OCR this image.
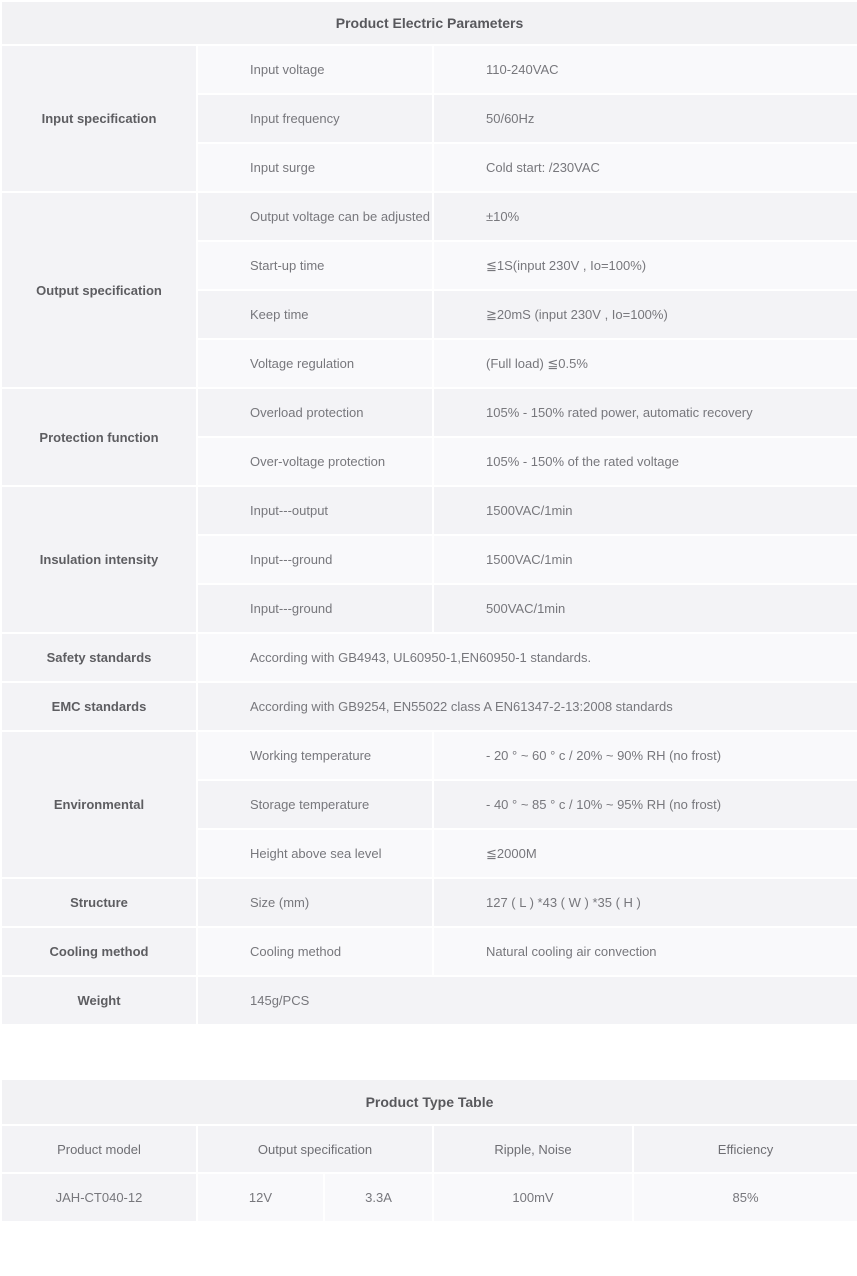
Product Electric Parameters		
Input specification	Input voltage	110-240VAC
	Input frequency	50/60Hz
	Input surge	Cold start: /230VAC
Output specification	Output voltage can be adjusted	±10%
	Start-up time	≦1S(input 230V , Io=100%)
	Keep time	≧20mS (input 230V , Io=100%)
	Voltage regulation	(Full load) ≦0.5%
Protection function	Overload protection	105% - 150% rated power, automatic recovery
	Over-voltage protection	105% - 150% of the rated voltage
Insulation intensity	Input---output	1500VAC/1min
	Input---ground	1500VAC/1min
	Input---ground	500VAC/1min
Safety standards	According with GB4943, UL60950-1,EN60950-1 standards.	
EMC standards	According with GB9254, EN55022 class A EN61347-2-13:2008 standards	
Environmental	Working temperature	- 20 ° ~ 60 ° c / 20% ~ 90% RH (no frost)
	Storage temperature	- 40 ° ~ 85 ° c / 10% ~ 95% RH (no frost)
	Height above sea level	≦2000M
Structure	Size (mm)	127 ( L ) *43 ( W ) *35 ( H )
Cooling method	Cooling method	Natural cooling air convection
Weight	145g/PCS	
Product Type Table				
Product model	Output specification		Ripple, Noise	Efficiency
JAH-CT040-12	12V	3.3A	100mV	85%
